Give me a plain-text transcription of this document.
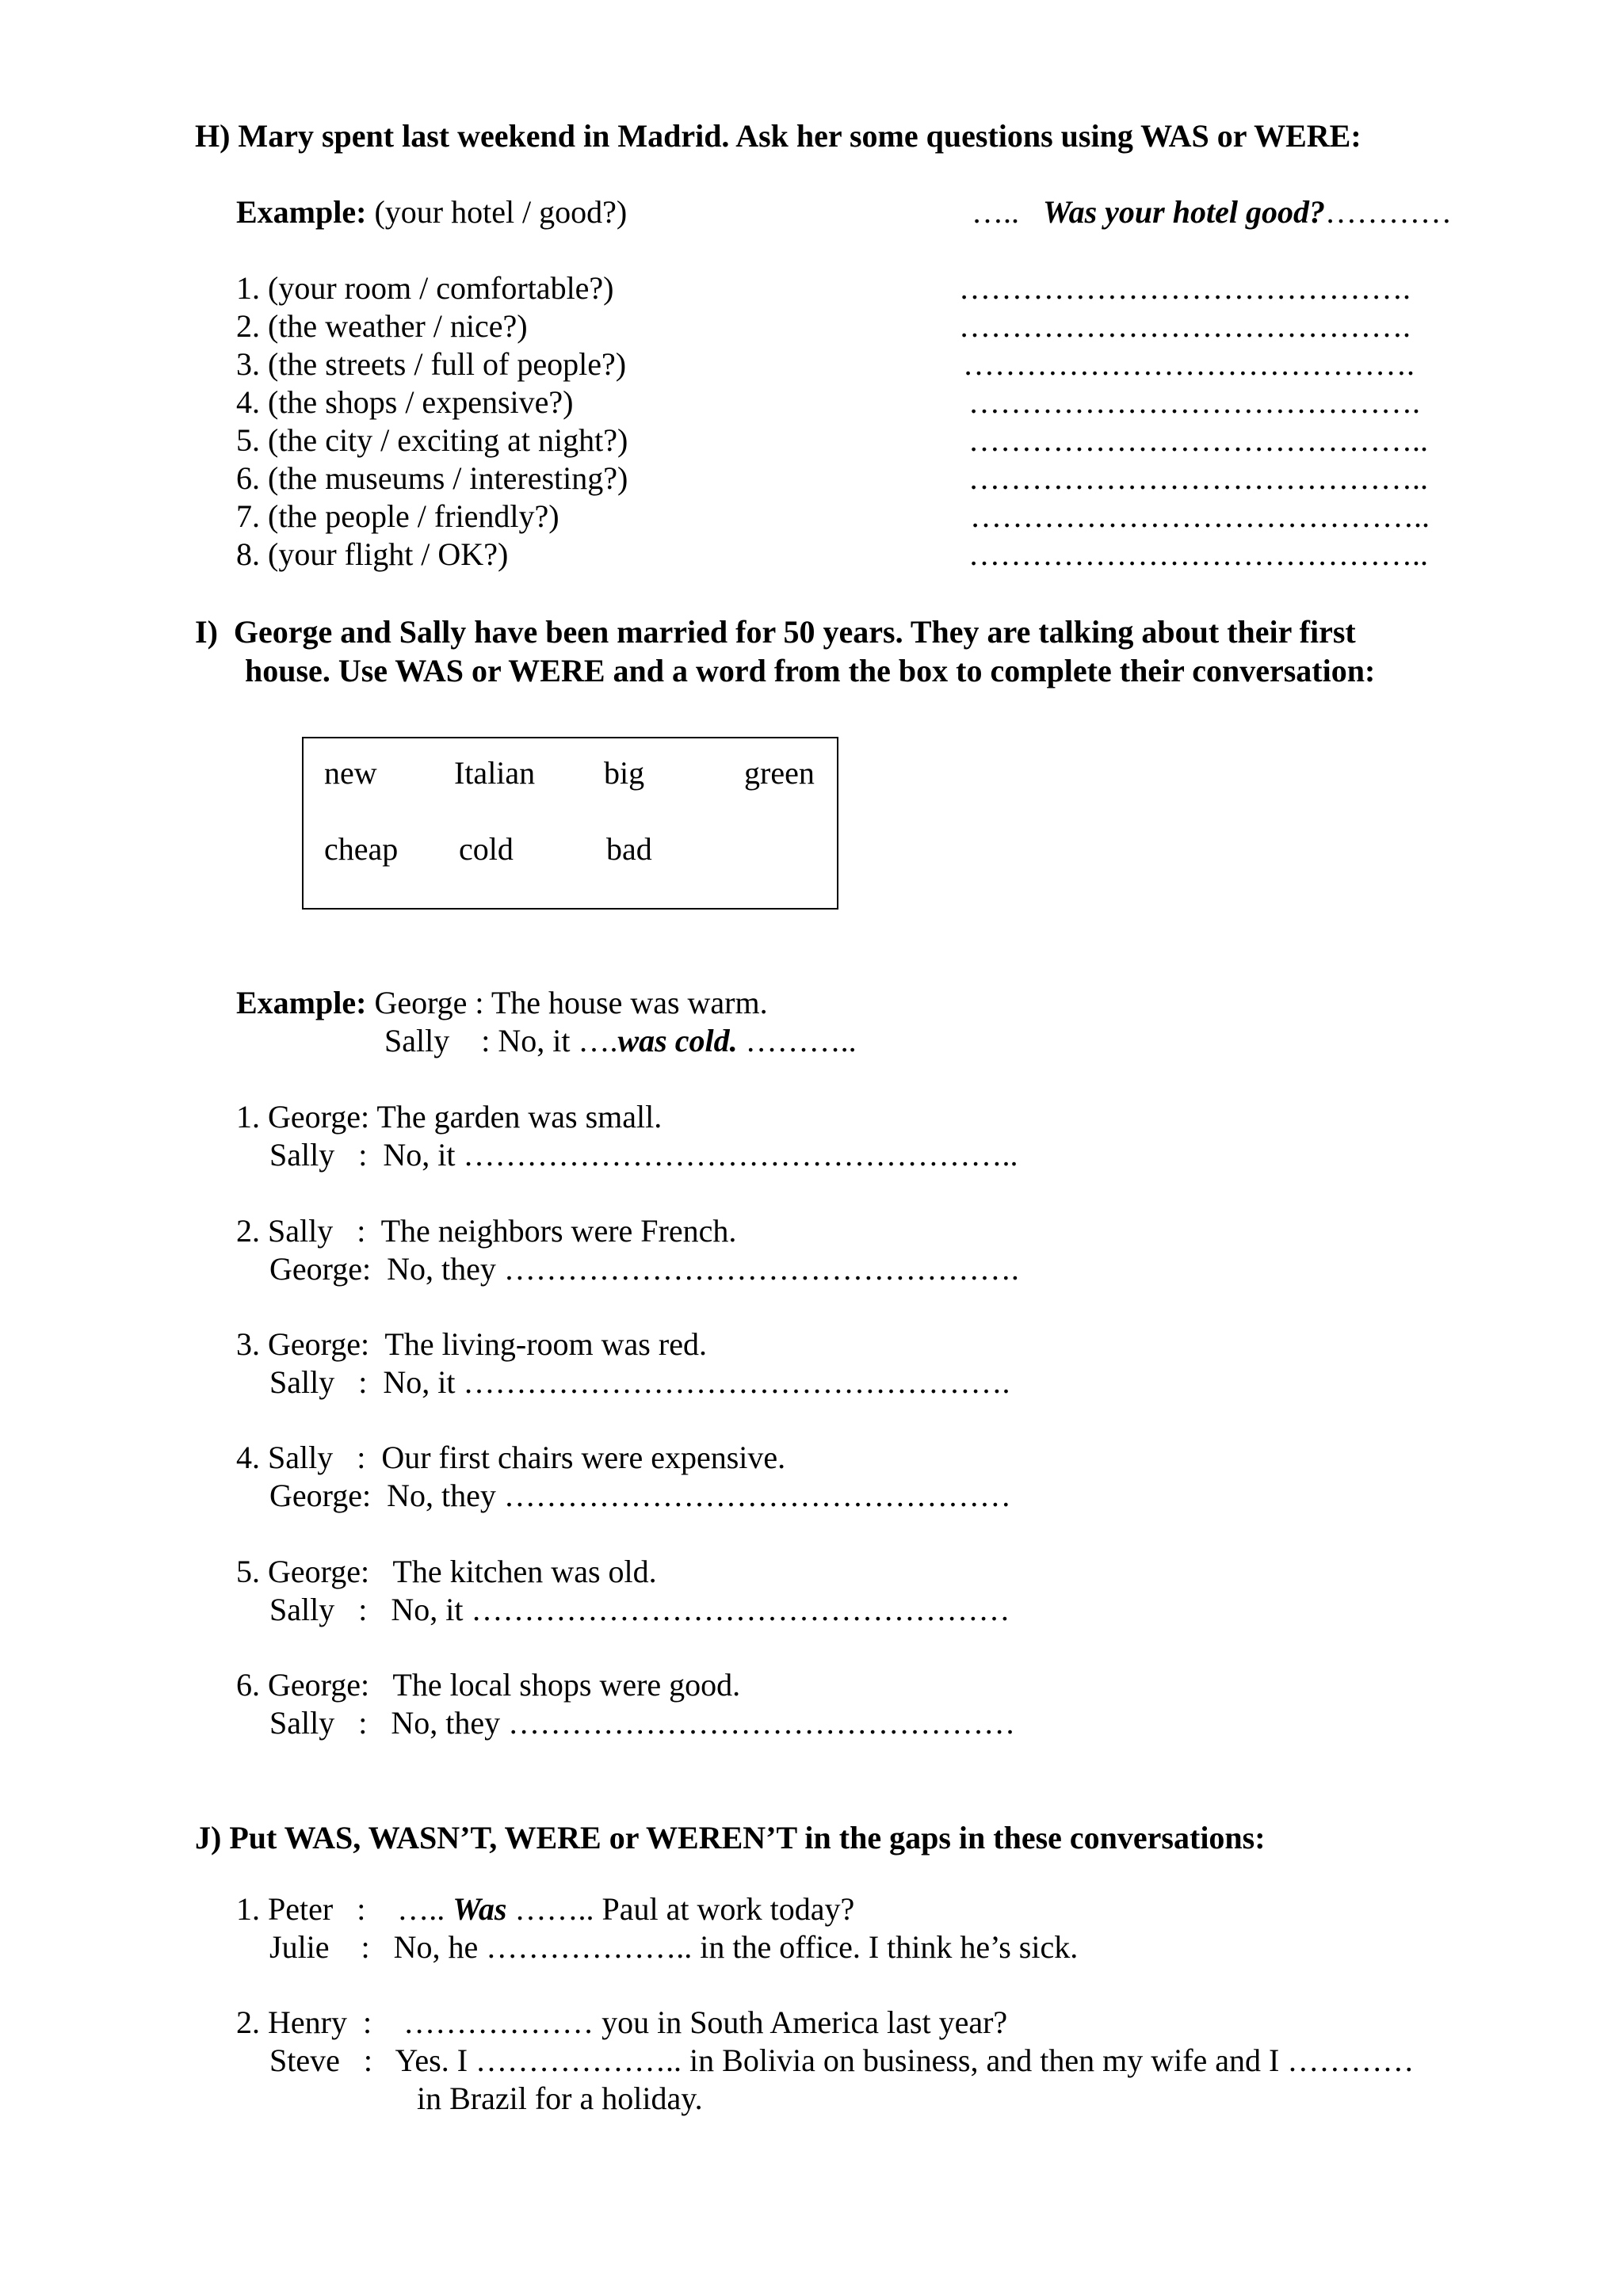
H) Mary spent last weekend in Madrid. Ask her some questions using WAS or WERE:
Example: (your hotel / good?)	….. Was your hotel good?…………
1. (your room / comfortable?)	…………………………………….
2. (the weather / nice?)	…………………………………….
3. (the streets / full of people?)	…………………………………….
4. (the shops / expensive?)	…………………………………….
5. (the city / exciting at night?)	……………………………………..
6. (the museums / interesting?)	……………………………………..
7. (the people / friendly?)	……………………………………..
8. (your flight / OK?)	……………………………………..
I)  George and Sally have been married for 50 years. They are talking about their first
house. Use WAS or WERE and a word from the box to complete their conversation:
new Italian big	green
cheap cold	bad
Example: George : The house was warm.
Sally    : No, it ….was cold. ………..
1. George: The garden was small.
Sally   :  No, it ……………………………………………..
2. Sally   :  The neighbors were French.
George:  No, they ………………………………………….
3. George:  The living-room was red.
Sally   :  No, it …………………………………………….
4. Sally   :  Our first chairs were expensive.
George:  No, they …………………………………………
5. George:   The kitchen was old.
Sally   :   No, it ……………………………………………
6. George:   The local shops were good.
Sally   :   No, they …………………………………………
J) Put WAS, WASN’T, WERE or WEREN’T in the gaps in these conversations:
1. Peter   :    ….. Was …….. Paul at work today?
Julie    :   No, he ……………….. in the office. I think he’s sick.
2. Henry  :    ……………… you in South America last year?
Steve   :   Yes. I ……………….. in Bolivia on business, and then my wife and I …………
in Brazil for a holiday.
